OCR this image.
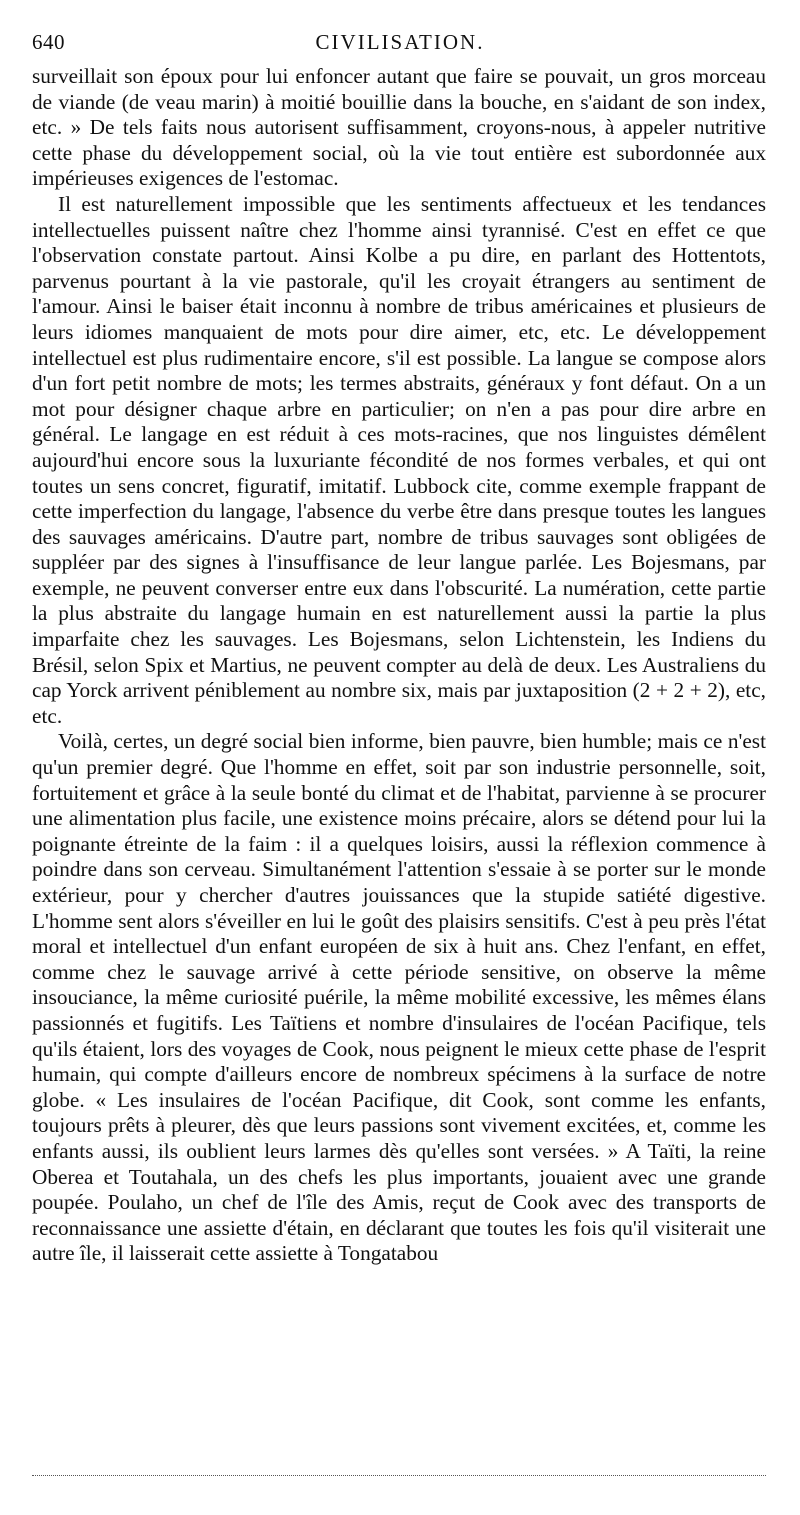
640	CIVILISATION.

surveillait son époux pour lui enfoncer autant que faire se pouvait, un gros morceau de viande (de veau marin) à moitié bouillie dans la bouche, en s'aidant de son index, etc. » De tels faits nous autorisent suffisamment, croyons-nous, à appeler nutritive cette phase du développement social, où la vie tout entière est subordonnée aux impérieuses exigences de l'estomac.

Il est naturellement impossible que les sentiments affectueux et les tendances intellectuelles puissent naître chez l'homme ainsi tyrannisé. C'est en effet ce que l'observation constate partout. Ainsi Kolbe a pu dire, en parlant des Hottentots, parvenus pourtant à la vie pastorale, qu'il les croyait étrangers au sentiment de l'amour. Ainsi le baiser était inconnu à nombre de tribus américaines et plusieurs de leurs idiomes manquaient de mots pour dire aimer, etc, etc. Le développement intellectuel est plus rudimentaire encore, s'il est possible. La langue se compose alors d'un fort petit nombre de mots; les termes abstraits, généraux y font défaut. On a un mot pour désigner chaque arbre en particulier; on n'en a pas pour dire arbre en général. Le langage en est réduit à ces mots-racines, que nos linguistes démêlent aujourd'hui encore sous la luxuriante fécondité de nos formes verbales, et qui ont toutes un sens concret, figuratif, imitatif. Lubbock cite, comme exemple frappant de cette imperfection du langage, l'absence du verbe être dans presque toutes les langues des sauvages américains. D'autre part, nombre de tribus sauvages sont obligées de suppléer par des signes à l'insuffisance de leur langue parlée. Les Bojesmans, par exemple, ne peuvent converser entre eux dans l'obscurité. La numération, cette partie la plus abstraite du langage humain en est naturellement aussi la partie la plus imparfaite chez les sauvages. Les Bojesmans, selon Lichtenstein, les Indiens du Brésil, selon Spix et Martius, ne peuvent compter au delà de deux. Les Australiens du cap Yorck arrivent péniblement au nombre six, mais par juxtaposition (2 + 2 + 2), etc, etc.

Voilà, certes, un degré social bien informe, bien pauvre, bien humble; mais ce n'est qu'un premier degré. Que l'homme en effet, soit par son industrie personnelle, soit, fortuitement et grâce à la seule bonté du climat et de l'habitat, parvienne à se procurer une alimentation plus facile, une existence moins précaire, alors se détend pour lui la poignante étreinte de la faim : il a quelques loisirs, aussi la réflexion commence à poindre dans son cerveau. Simultanément l'attention s'essaie à se porter sur le monde extérieur, pour y chercher d'autres jouissances que la stupide satiété digestive. L'homme sent alors s'éveiller en lui le goût des plaisirs sensitifs. C'est à peu près l'état moral et intellectuel d'un enfant européen de six à huit ans. Chez l'enfant, en effet, comme chez le sauvage arrivé à cette période sensitive, on observe la même insouciance, la même curiosité puérile, la même mobilité excessive, les mêmes élans passionnés et fugitifs. Les Taïtiens et nombre d'insulaires de l'océan Pacifique, tels qu'ils étaient, lors des voyages de Cook, nous peignent le mieux cette phase de l'esprit humain, qui compte d'ailleurs encore de nombreux spécimens à la surface de notre globe. « Les insulaires de l'océan Pacifique, dit Cook, sont comme les enfants, toujours prêts à pleurer, dès que leurs passions sont vivement excitées, et, comme les enfants aussi, ils oublient leurs larmes dès qu'elles sont versées. » A Taïti, la reine Oberea et Toutahala, un des chefs les plus importants, jouaient avec une grande poupée. Poulaho, un chef de l'île des Amis, reçut de Cook avec des transports de reconnaissance une assiette d'étain, en déclarant que toutes les fois qu'il visiterait une autre île, il laisserait cette assiette à Tongatabou
